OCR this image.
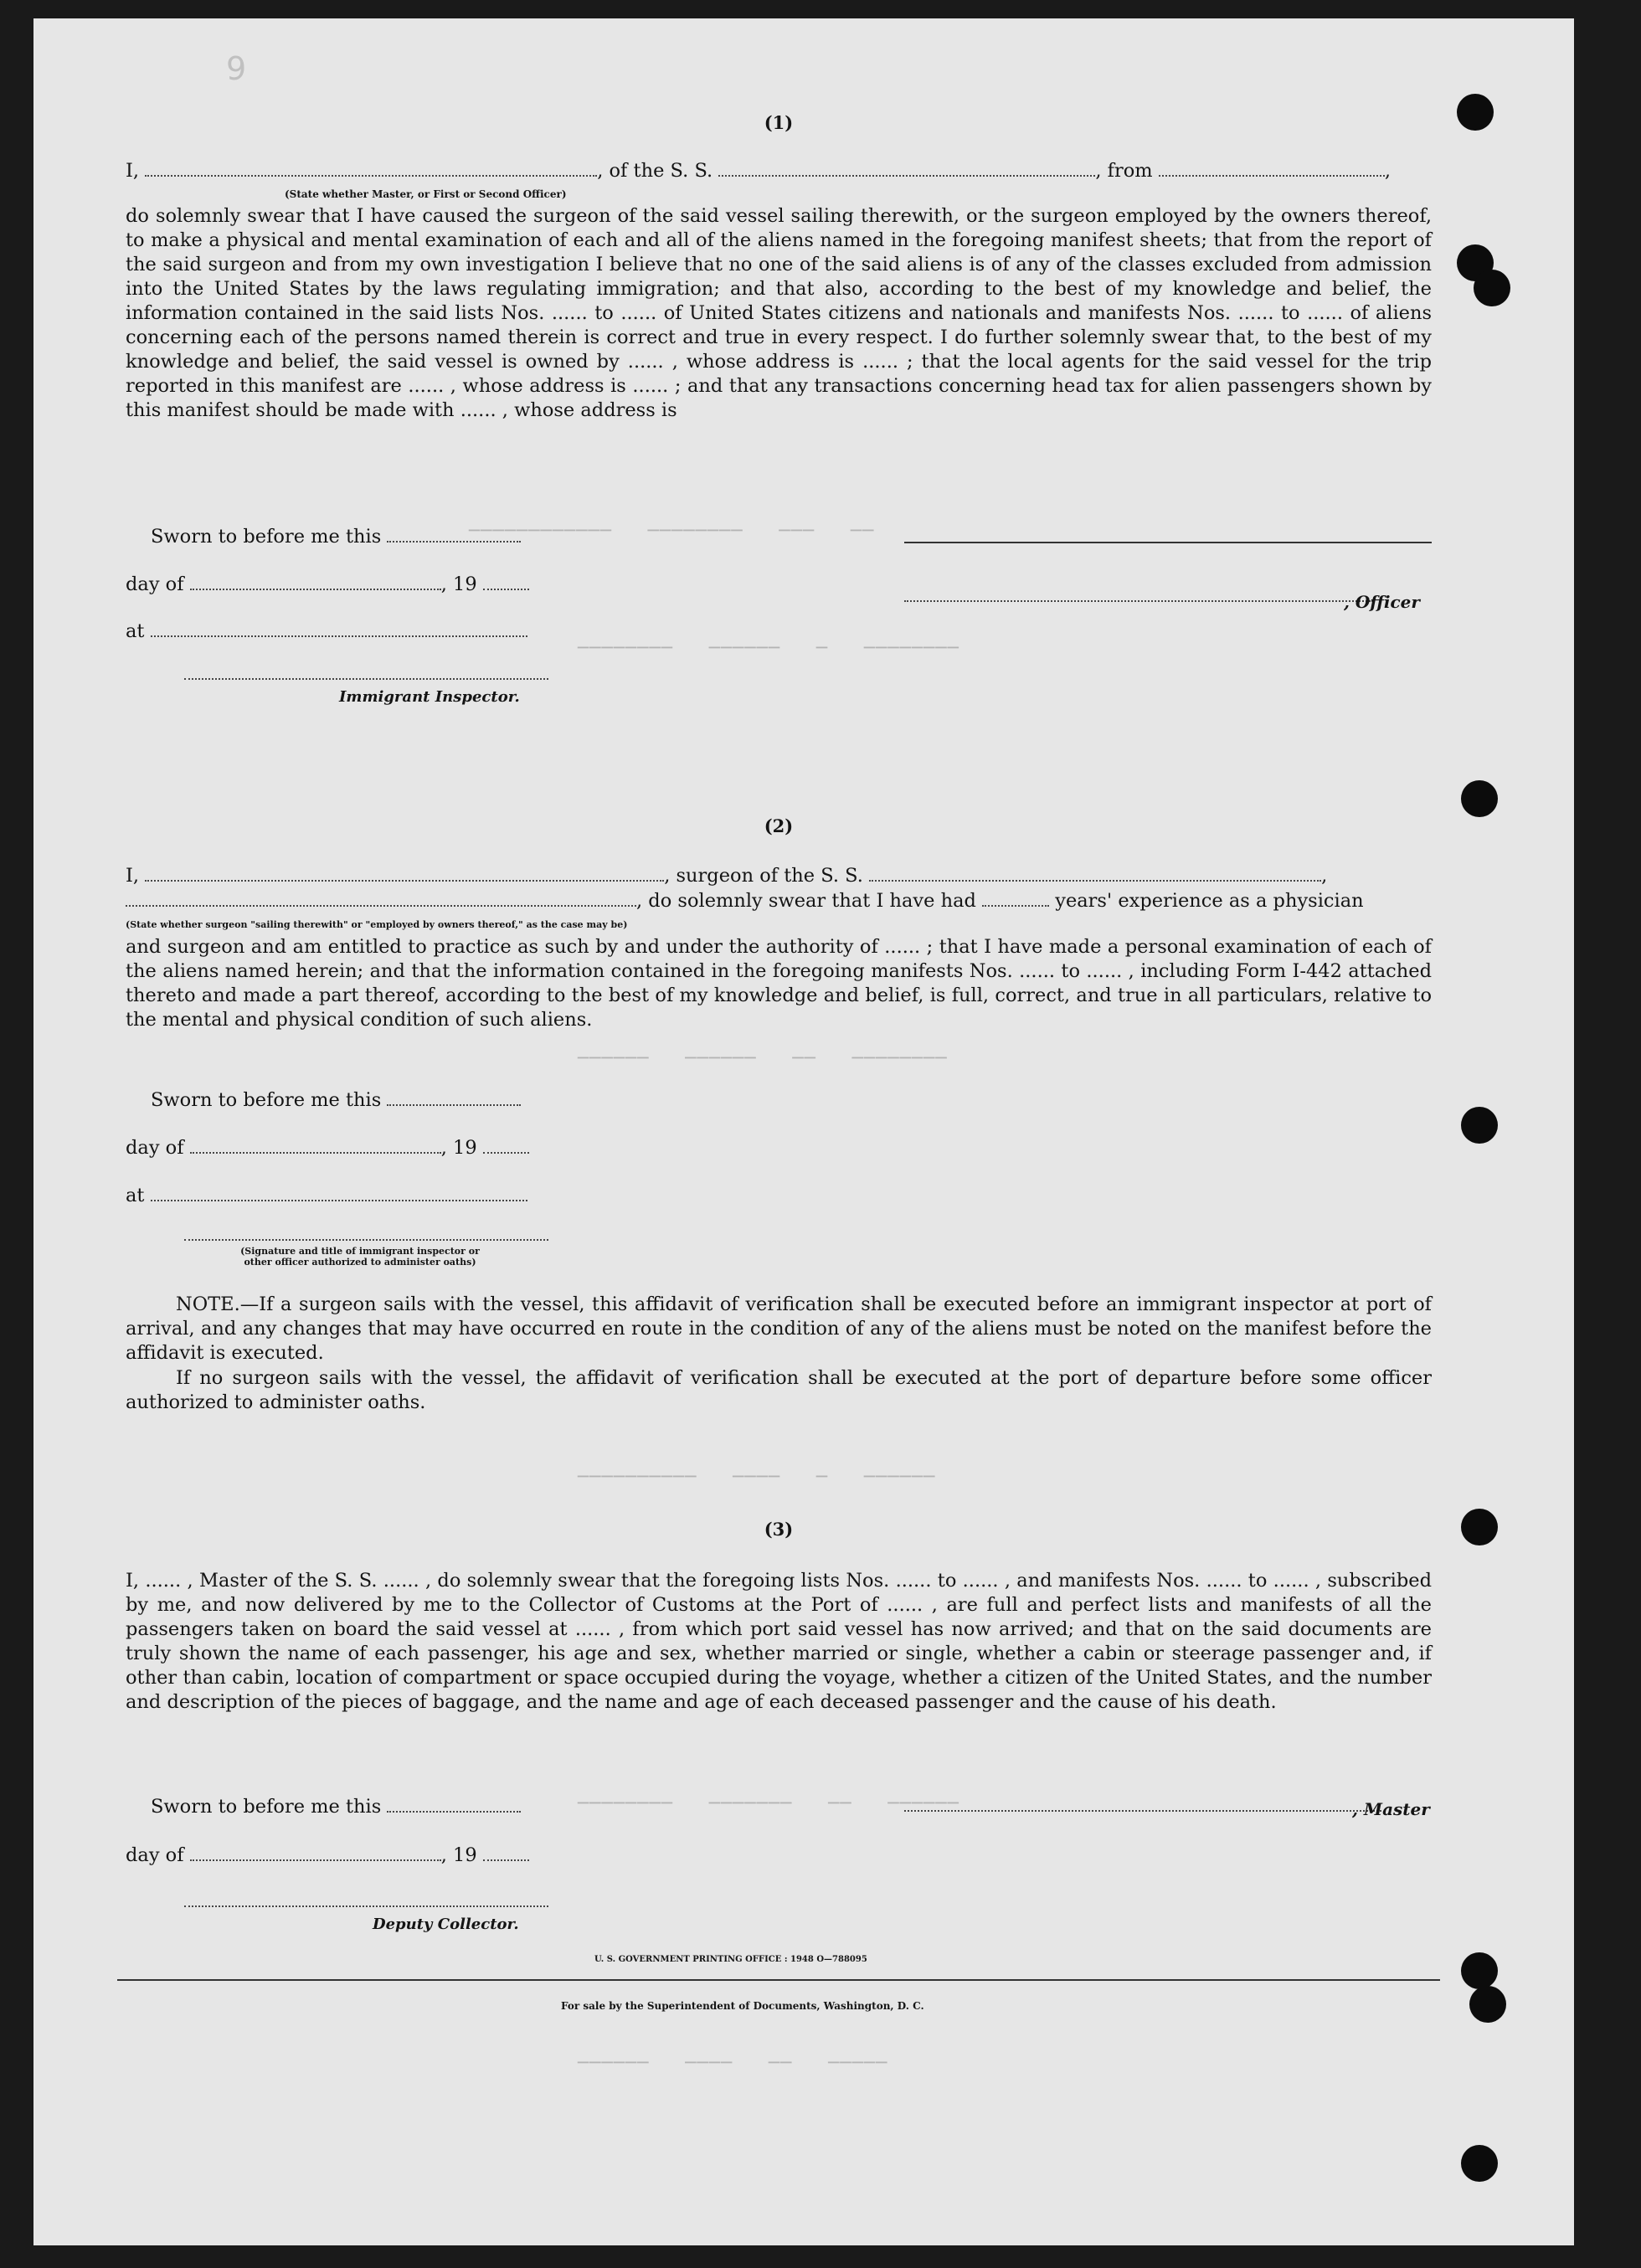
9
────────────   ────────   ───   ──
────────   ──────   ─   ────────
──────   ──────   ──   ────────
──────────   ────   ─   ──────
────────   ───────   ──   ──────
──────   ────   ──   ─────
(1)
I,	, of the S. S.	, from	,
(State whether Master, or First or Second Officer)
do solemnly swear that I have caused the surgeon of the said vessel sailing therewith, or the surgeon employed by the owners thereof, to make a physical and mental examination of each and all of the aliens named in the foregoing manifest sheets; that from the report of the said surgeon and from my own investigation I believe that no one of the said aliens is of any of the classes excluded from admission into the United States by the laws regulating immigration; and that also, according to the best of my knowledge and belief, the information contained in the said lists Nos. ...... to ...... of United States citizens and nationals and manifests Nos. ...... to ...... of aliens concerning each of the persons named therein is correct and true in every respect. I do further solemnly swear that, to the best of my knowledge and belief, the said vessel is owned by ...... , whose address is ...... ; that the local agents for the said vessel for the trip reported in this manifest are ...... , whose address is ...... ; and that any transactions concerning head tax for alien passengers shown by this manifest should be made with ...... , whose address is
Sworn to before me this
day of	, 19
, Officer
at
Immigrant Inspector.
(2)
I,	, surgeon of the S. S.	,
, do solemnly swear that I have had	years' experience as a physician
(State whether surgeon "sailing therewith" or "employed by owners thereof," as the case may be)
and surgeon and am entitled to practice as such by and under the authority of ...... ; that I have made a personal examination of each of the aliens named herein; and that the information contained in the foregoing manifests Nos. ...... to ...... , including Form I-442 attached thereto and made a part thereof, according to the best of my knowledge and belief, is full, correct, and true in all particulars, relative to the mental and physical condition of such aliens.
Sworn to before me this
day of	, 19
at
(Signature and title of immigrant inspector or other officer authorized to administer oaths)
NOTE.—If a surgeon sails with the vessel, this affidavit of verification shall be executed before an immigrant inspector at port of arrival, and any changes that may have occurred en route in the condition of any of the aliens must be noted on the manifest before the affidavit is executed.
If no surgeon sails with the vessel, the affidavit of verification shall be executed at the port of departure before some officer authorized to administer oaths.
(3)
I, ...... , Master of the S. S. ...... , do solemnly swear that the foregoing lists Nos. ...... to ...... , and manifests Nos. ...... to ...... , subscribed by me, and now delivered by me to the Collector of Customs at the Port of ...... , are full and perfect lists and manifests of all the passengers taken on board the said vessel at ...... , from which port said vessel has now arrived; and that on the said documents are truly shown the name of each passenger, his age and sex, whether married or single, whether a cabin or steerage passenger and, if other than cabin, location of compartment or space occupied during the voyage, whether a citizen of the United States, and the number and description of the pieces of baggage, and the name and age of each deceased passenger and the cause of his death.
Sworn to before me this	, Master
day of	, 19
Deputy Collector.
U. S. GOVERNMENT PRINTING OFFICE : 1948 O—788095
For sale by the Superintendent of Documents, Washington, D. C.
